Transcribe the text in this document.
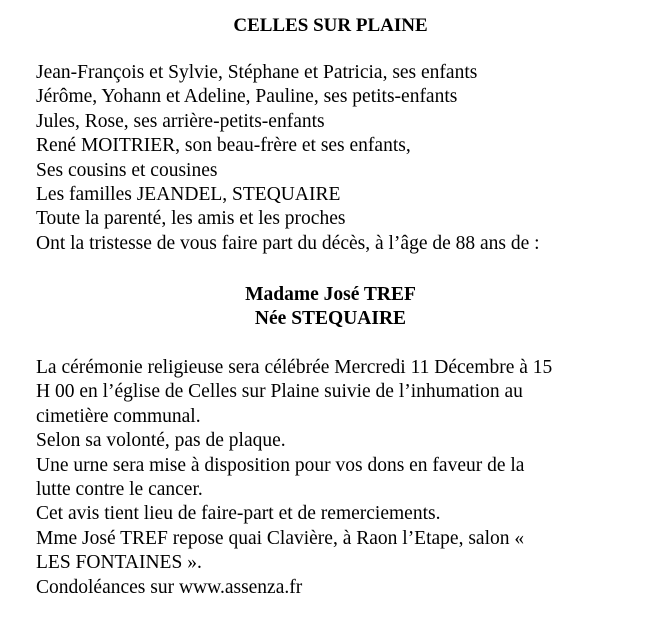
CELLES SUR PLAINE
Jean-François et Sylvie, Stéphane et Patricia, ses enfants
Jérôme, Yohann et Adeline, Pauline, ses petits-enfants
Jules, Rose, ses arrière-petits-enfants
René MOITRIER, son beau-frère et ses enfants,
Ses cousins et cousines
Les familles JEANDEL, STEQUAIRE
Toute la parenté, les amis et les proches
Ont la tristesse de vous faire part du décès, à l’âge de 88 ans de :
Madame José TREF
Née STEQUAIRE
La cérémonie religieuse sera célébrée Mercredi 11 Décembre à 15
H 00 en l’église de Celles sur Plaine suivie de l’inhumation au
cimetière communal.
Selon sa volonté, pas de plaque.
Une urne sera mise à disposition pour vos dons en faveur de la
lutte contre le cancer.
Cet avis tient lieu de faire-part et de remerciements.
Mme José TREF repose quai Clavière, à Raon l’Etape, salon «
LES FONTAINES ».
Condoléances sur www.assenza.fr
